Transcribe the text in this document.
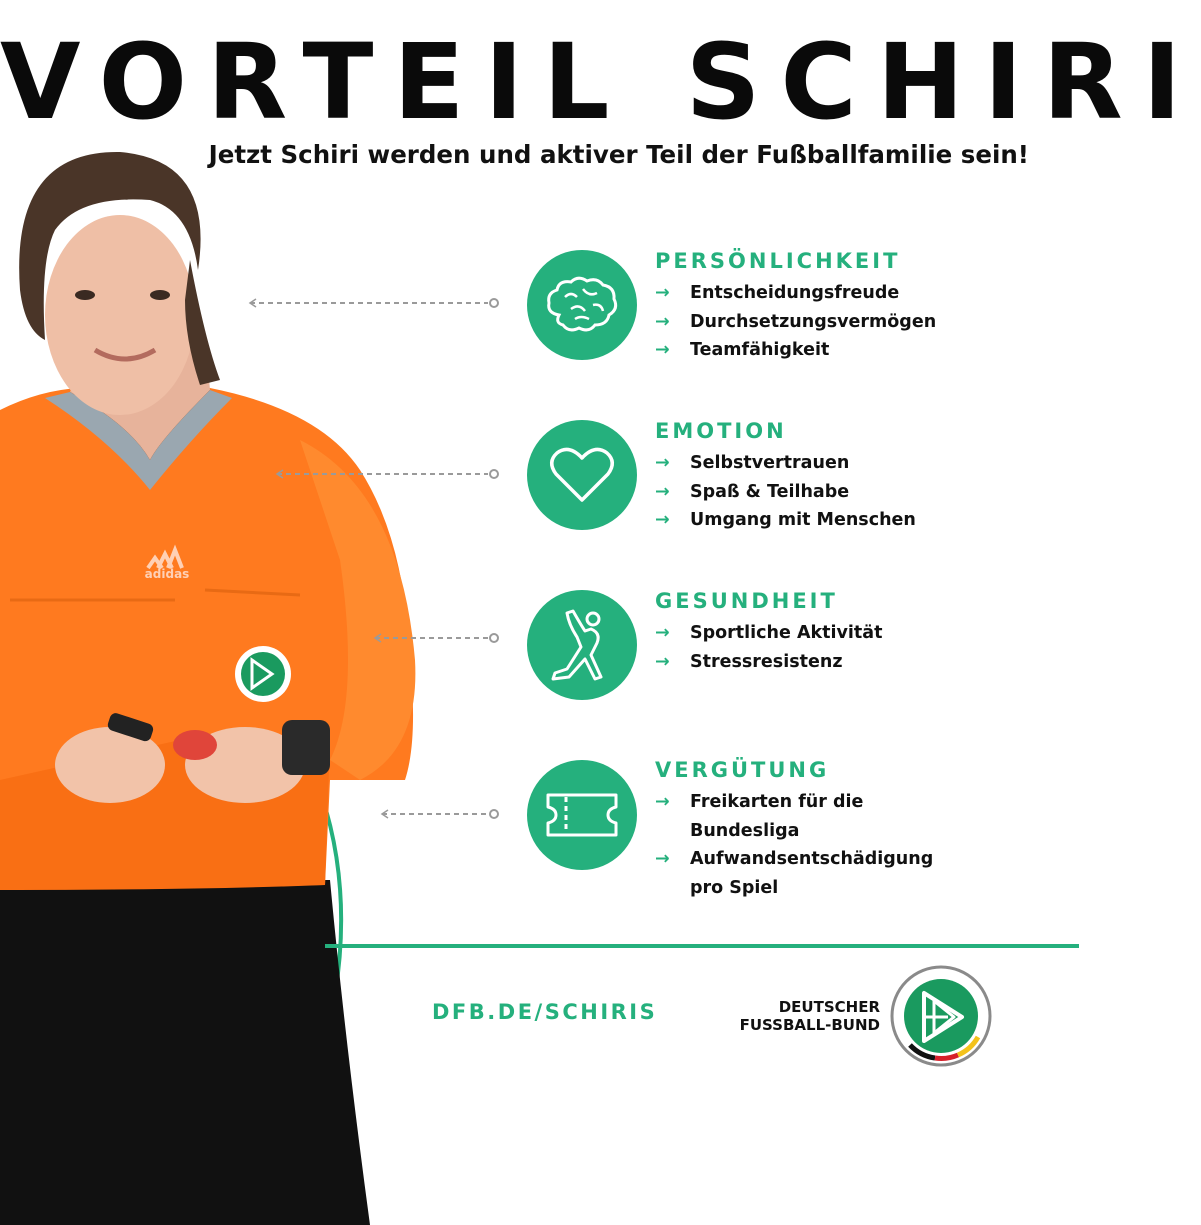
VORTEIL SCHIRI
Jetzt Schiri werden und aktiver Teil der Fußballfamilie sein!
adidas
PERSÖNLICHKEIT
→ Entscheidungsfreude
→ Durchsetzungsvermögen
→ Teamfähigkeit
EMOTION
→ Selbstvertrauen
→ Spaß & Teilhabe
→ Umgang mit Menschen
GESUNDHEIT
→ Sportliche Aktivität
→ Stressresistenz
VERGÜTUNG
→ Freikarten für die Bundesliga
→ Aufwandsentschädigung pro Spiel
DFB.DE/SCHIRIS	DEUTSCHER
FUSSBALL-BUND
